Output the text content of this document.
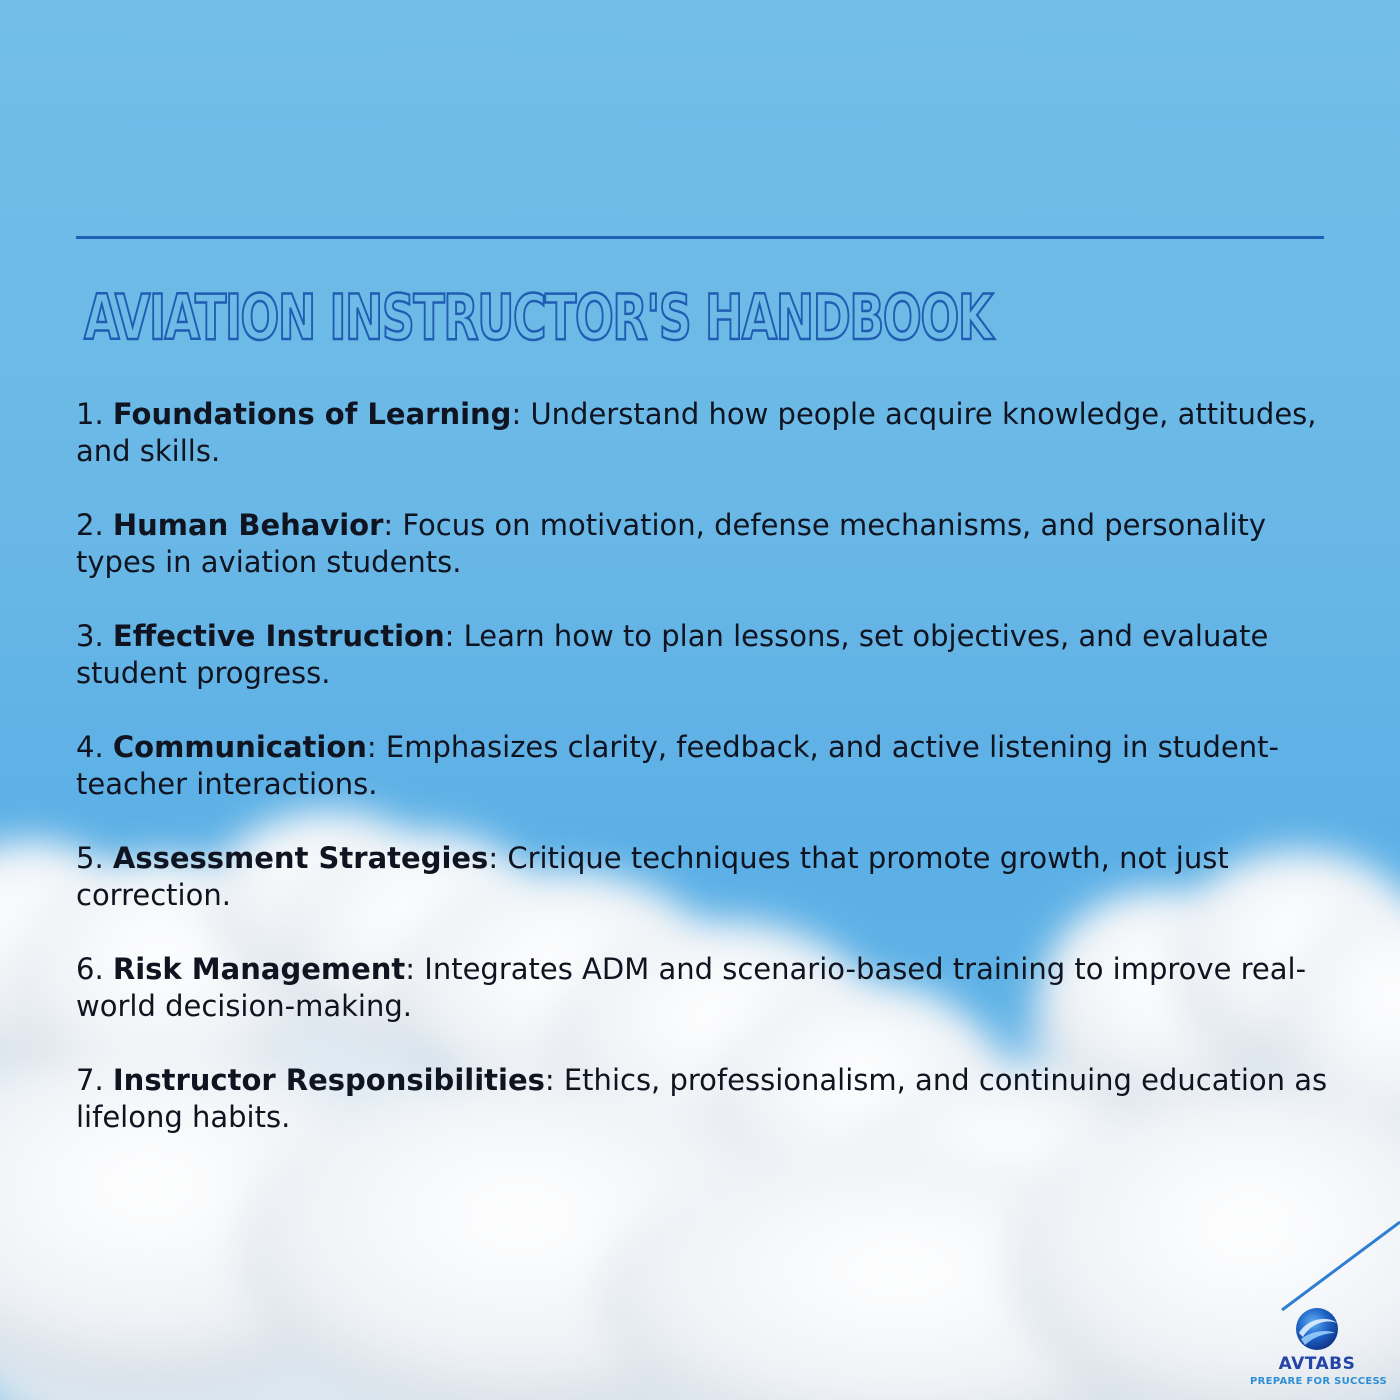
AVIATION INSTRUCTOR'S HANDBOOK
1. Foundations of Learning: Understand how people acquire knowledge, attitudes, and skills.
2. Human Behavior: Focus on motivation, defense mechanisms, and personality types in aviation students.
3. Effective Instruction: Learn how to plan lessons, set objectives, and evaluate student progress.
4. Communication: Emphasizes clarity, feedback, and active listening in student-teacher interactions.
5. Assessment Strategies: Critique techniques that promote growth, not just correction.
6. Risk Management: Integrates ADM and scenario-based training to improve real-world decision-making.
7. Instructor Responsibilities: Ethics, professionalism, and continuing education as lifelong habits.
AVTABS
PREPARE FOR SUCCESS
